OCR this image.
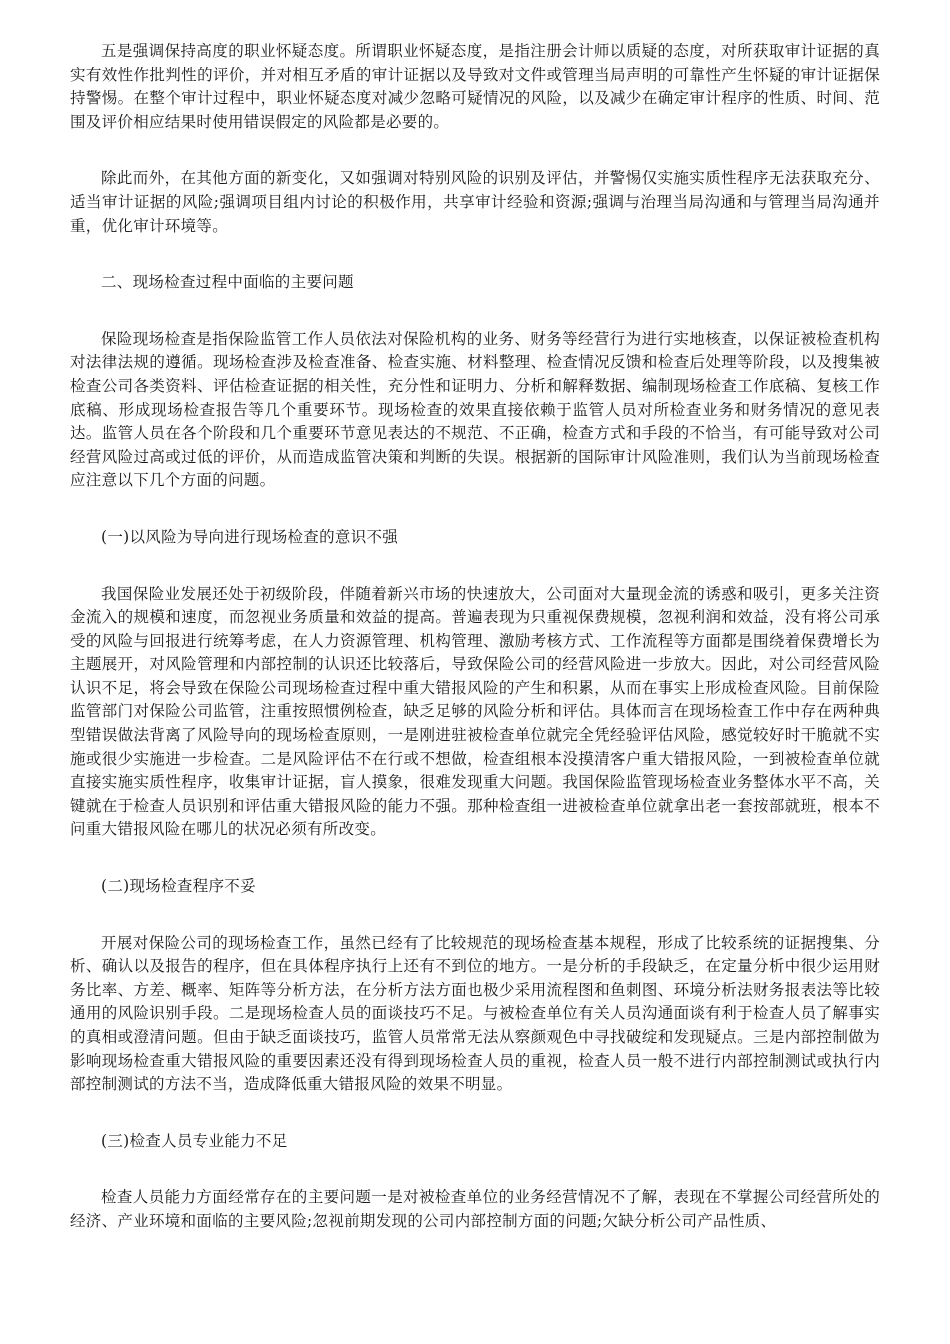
五是强调保持高度的职业怀疑态度。所谓职业怀疑态度，是指注册会计师以质疑的态度，对所获取审计证据的真实有效性作批判性的评价，并对相互矛盾的审计证据以及导致对文件或管理当局声明的可靠性产生怀疑的审计证据保持警惕。在整个审计过程中，职业怀疑态度对减少忽略可疑情况的风险，以及减少在确定审计程序的性质、时间、范围及评价相应结果时使用错误假定的风险都是必要的。

除此而外，在其他方面的新变化，又如强调对特别风险的识别及评估，并警惕仅实施实质性程序无法获取充分、适当审计证据的风险;强调项目组内讨论的积极作用，共享审计经验和资源;强调与治理当局沟通和与管理当局沟通并重，优化审计环境等。

二、现场检查过程中面临的主要问题

保险现场检查是指保险监管工作人员依法对保险机构的业务、财务等经营行为进行实地核查，以保证被检查机构对法律法规的遵循。现场检查涉及检查准备、检查实施、材料整理、检查情况反馈和检查后处理等阶段，以及搜集被检查公司各类资料、评估检查证据的相关性，充分性和证明力、分析和解释数据、编制现场检查工作底稿、复核工作底稿、形成现场检查报告等几个重要环节。现场检查的效果直接依赖于监管人员对所检查业务和财务情况的意见表达。监管人员在各个阶段和几个重要环节意见表达的不规范、不正确，检查方式和手段的不恰当，有可能导致对公司经营风险过高或过低的评价，从而造成监管决策和判断的失误。根据新的国际审计风险准则，我们认为当前现场检查应注意以下几个方面的问题。

(一)以风险为导向进行现场检查的意识不强

我国保险业发展还处于初级阶段，伴随着新兴市场的快速放大，公司面对大量现金流的诱惑和吸引，更多关注资金流入的规模和速度，而忽视业务质量和效益的提高。普遍表现为只重视保费规模，忽视利润和效益，没有将公司承受的风险与回报进行统筹考虑，在人力资源管理、机构管理、激励考核方式、工作流程等方面都是围绕着保费增长为主题展开，对风险管理和内部控制的认识还比较落后，导致保险公司的经营风险进一步放大。因此，对公司经营风险认识不足，将会导致在保险公司现场检查过程中重大错报风险的产生和积累，从而在事实上形成检查风险。目前保险监管部门对保险公司监管，注重按照惯例检查，缺乏足够的风险分析和评估。具体而言在现场检查工作中存在两种典型错误做法背离了风险导向的现场检查原则，一是刚进驻被检查单位就完全凭经验评估风险，感觉较好时干脆就不实施或很少实施进一步检查。二是风险评估不在行或不想做，检查组根本没摸清客户重大错报风险，一到被检查单位就直接实施实质性程序，收集审计证据，盲人摸象，很难发现重大问题。我国保险监管现场检查业务整体水平不高，关键就在于检查人员识别和评估重大错报风险的能力不强。那种检查组一进被检查单位就拿出老一套按部就班，根本不问重大错报风险在哪儿的状况必须有所改变。

(二)现场检查程序不妥

开展对保险公司的现场检查工作，虽然已经有了比较规范的现场检查基本规程，形成了比较系统的证据搜集、分析、确认以及报告的程序，但在具体程序执行上还有不到位的地方。一是分析的手段缺乏，在定量分析中很少运用财务比率、方差、概率、矩阵等分析方法，在分析方法方面也极少采用流程图和鱼刺图、环境分析法财务报表法等比较通用的风险识别手段。二是现场检查人员的面谈技巧不足。与被检查单位有关人员沟通面谈有利于检查人员了解事实的真相或澄清问题。但由于缺乏面谈技巧，监管人员常常无法从察颜观色中寻找破绽和发现疑点。三是内部控制做为影响现场检查重大错报风险的重要因素还没有得到现场检查人员的重视，检查人员一般不进行内部控制测试或执行内部控制测试的方法不当，造成降低重大错报风险的效果不明显。

(三)检查人员专业能力不足

检查人员能力方面经常存在的主要问题一是对被检查单位的业务经营情况不了解，表现在不掌握公司经营所处的经济、产业环境和面临的主要风险;忽视前期发现的公司内部控制方面的问题;欠缺分析公司产品性质、
